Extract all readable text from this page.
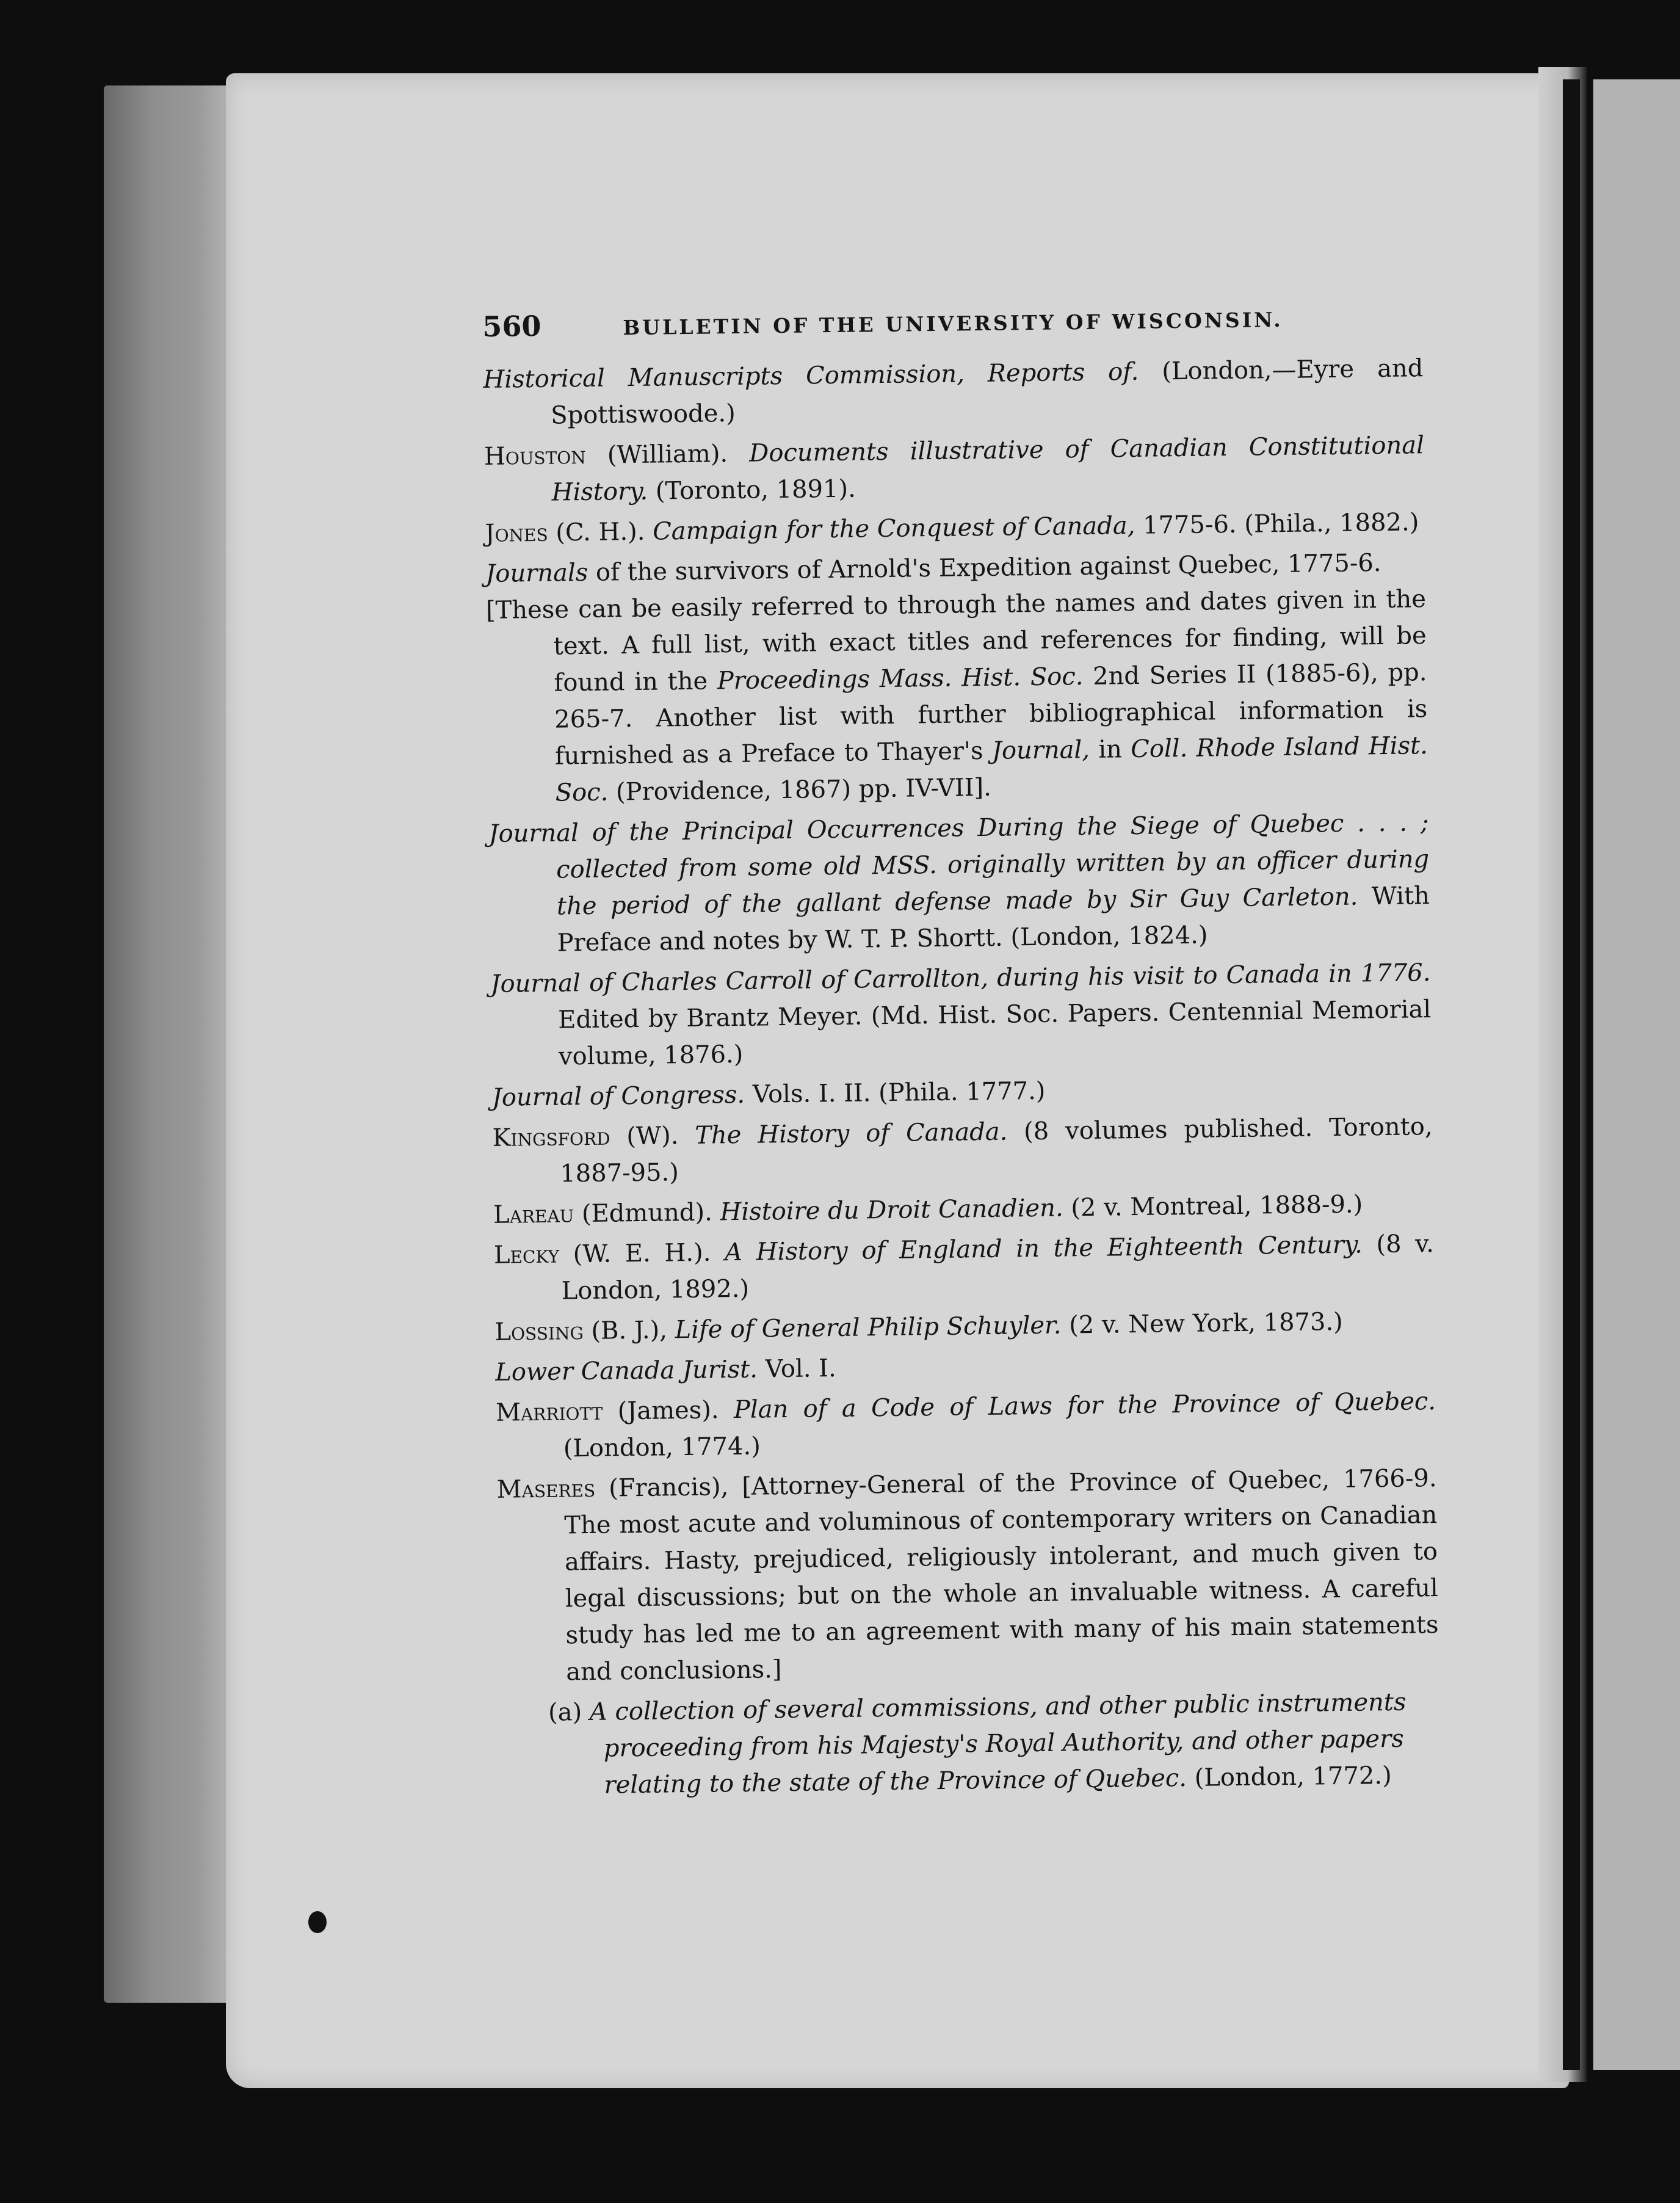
560	BULLETIN OF THE UNIVERSITY OF WISCONSIN.

Historical Manuscripts Commission, Reports of. (London,—Eyre and Spottiswoode.)

Houston (William). Documents illustrative of Canadian Constitutional History. (Toronto, 1891).

Jones (C. H.). Campaign for the Conquest of Canada, 1775-6. (Phila., 1882.)

Journals of the survivors of Arnold's Expedition against Quebec, 1775-6.
[These can be easily referred to through the names and dates given in the text. A full list, with exact titles and references for finding, will be found in the Proceedings Mass. Hist. Soc. 2nd Series II (1885-6), pp. 265-7. Another list with further bibliographical information is furnished as a Preface to Thayer's Journal, in Coll. Rhode Island Hist. Soc. (Providence, 1867) pp. IV-VII].

Journal of the Principal Occurrences During the Siege of Quebec . . . ; collected from some old MSS. originally written by an officer during the period of the gallant defense made by Sir Guy Carleton. With Preface and notes by W. T. P. Shortt. (London, 1824.)

Journal of Charles Carroll of Carrollton, during his visit to Canada in 1776. Edited by Brantz Meyer. (Md. Hist. Soc. Papers. Centennial Memorial volume, 1876.)

Journal of Congress. Vols. I. II. (Phila. 1777.)

Kingsford (W). The History of Canada. (8 volumes published. Toronto, 1887-95.)

Lareau (Edmund). Histoire du Droit Canadien. (2 v. Montreal, 1888-9.)

Lecky (W. E. H.). A History of England in the Eighteenth Century. (8 v. London, 1892.)

Lossing (B. J.), Life of General Philip Schuyler. (2 v. New York, 1873.)

Lower Canada Jurist. Vol. I.

Marriott (James). Plan of a Code of Laws for the Province of Quebec. (London, 1774.)

Maseres (Francis), [Attorney-General of the Province of Quebec, 1766-9. The most acute and voluminous of contemporary writers on Canadian affairs. Hasty, prejudiced, religiously intolerant, and much given to legal discussions; but on the whole an invaluable witness. A careful study has led me to an agreement with many of his main statements and conclusions.]

(a) A collection of several commissions, and other public instruments proceeding from his Majesty's Royal Authority, and other papers relating to the state of the Province of Quebec. (London, 1772.)
